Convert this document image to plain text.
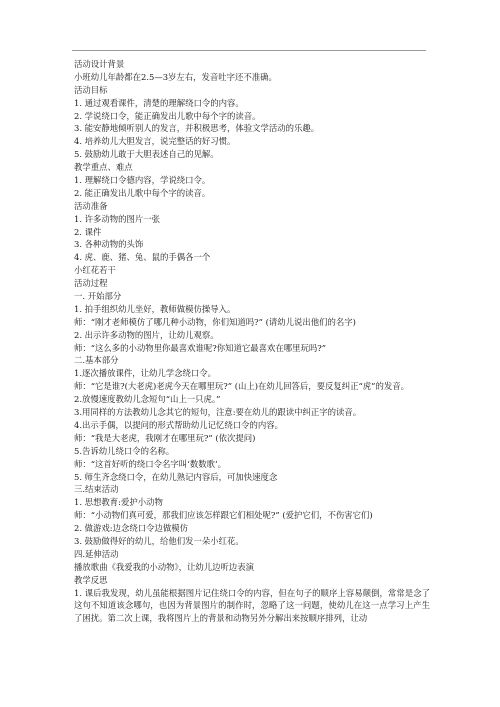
活动设计背景
小班幼儿年龄都在2.5—3岁左右，发音吐字还不准确。
活动目标
1. 通过观看课件，清楚的理解绕口令的内容。
2. 学说绕口令，能正确发出儿歌中每个字的读音。
3. 能安静地倾听别人的发言，并积极思考，体验文学活动的乐趣。
4. 培养幼儿大胆发言，说完整话的好习惯。
5. 鼓励幼儿敢于大胆表述自己的见解。
教学重点、难点
1. 理解绕口令德内容，学说绕口令。
2. 能正确发出儿歌中每个字的读音。
活动准备
1. 许多动物的图片一张
2. 课件
3. 各种动物的头饰
4. 虎、鹿、猪、兔、鼠的手偶各一个
小红花若干
活动过程
一. 开始部分
1. 拍手组织幼儿坐好，教师做模仿操导入。
师：“刚才老师模仿了哪几种小动物，你们知道吗?” (请幼儿说出他们的名字)
2. 出示许多动物的图片，让幼儿观察。
师：“这么多的小动物里你最喜欢谁呢?你知道它最喜欢在哪里玩吗?”
二.基本部分
1.逐次播放课件，让幼儿学念绕口令。
师：“它是谁?(大老虎)老虎今天在哪里玩?” (山上)在幼儿回答后，要反复纠正“虎”的发音。
2.放慢速度教幼儿念短句“山上一只虎。”
3.用同样的方法教幼儿念其它的短句，注意:要在幼儿的跟读中纠正字的读音。
4.出示手偶，以提问的形式帮助幼儿记忆绕口令的内容。
师：“我是大老虎，我刚才在哪里玩?” (依次提问)
5.告诉幼儿绕口令的名称。
师：“这首好听的绕口令名字叫‘数数歌’。
5. 师生齐念绕口令，在幼儿熟记内容后，可加快速度念
三.结束活动
1. 思想教育:爱护小动物
师：“小动物们真可爱，那我们应该怎样跟它们相处呢?” (爱护它们，不伤害它们)
2. 做游戏:边念绕口令边做模仿
3. 鼓励做得好的幼儿，给他们发一朵小红花。
四.延伸活动
播放歌曲《我爱我的小动物》，让幼儿边听边表演
教学反思
1. 课后我发现，幼儿虽能根据图片记住绕口令的内容，但在句子的顺序上容易颠倒，常常是念了这句不知道该念哪句，也因为背景图片的制作时，忽略了这一问题，使幼儿在这一点学习上产生了困扰。第二次上课，我将图片上的背景和动物另外分解出来按顺序排列，让动
